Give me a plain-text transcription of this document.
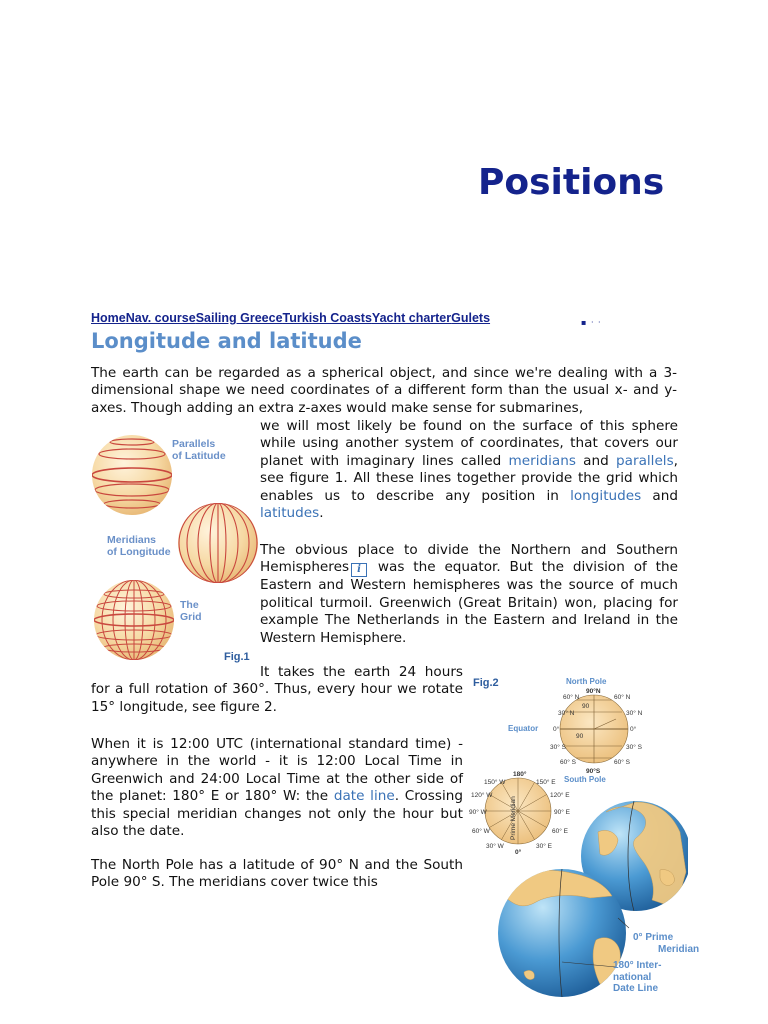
Positions
HomeNav. courseSailing GreeceTurkish CoastsYacht charterGulets	▪ · ·
Longitude and latitude
The earth can be regarded as a spherical object, and since we're dealing with a 3-dimensional shape we need coordinates of a different form than the usual x- and y-axes. Though adding an extra z-axes would make sense for submarines,
we will most likely be found on the surface of this sphere while using another system of coordinates, that covers our planet with imaginary lines called meridians and parallels, see figure 1. All these lines together provide the grid which enables us to describe any position in longitudes and latitudes.
The obvious place to divide the Northern and Southern Hemispheres i was the equator. But the division of the Eastern and Western hemispheres was the source of much political turmoil. Greenwich (Great Britain) won, placing for example The Netherlands in the Eastern and Ireland in the Western Hemisphere.
It takes the earth 24 hours for a full rotation of 360°. Thus, every hour we rotate 15° longitude, see figure 2.
When it is 12:00 UTC (international standard time) - anywhere in the world - it is 12:00 Local Time in Greenwich and 24:00 Local Time at the other side of the planet: 180° E or 180° W: the date line. Crossing this special meridian changes not only the hour but also the date.
The North Pole has a latitude of 90° N and the South Pole 90° S. The meridians cover twice this
Parallels
of Latitude
Meridians
of Longitude
The
Grid
Fig.1
Fig.2	North Pole
90°N
60° N
30° N
0°
30° S
60° S
60° N
30° N
0°
30° S
60° S
90
90
Equator
90°S
South Pole
180°
150° W	150° E
120° W	120° E
90° W	90° E
60° W	60° E
30° W	30° E
0°
Prime Meridian
0° Prime
Meridian
180° Inter-
national
Date Line
